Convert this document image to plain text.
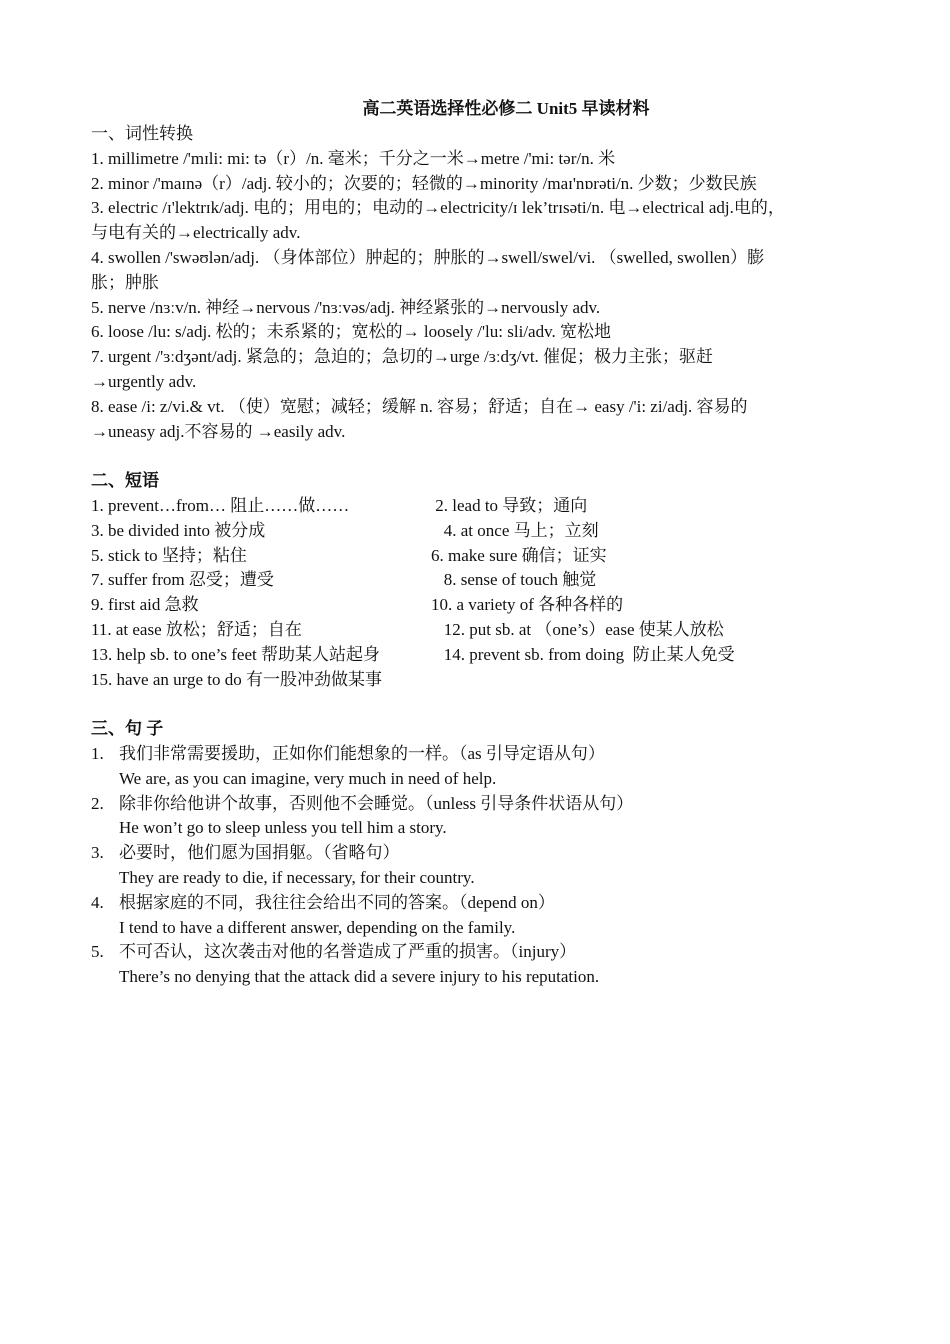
高二英语选择性必修二 Unit5 早读材料
一、词性转换
1. millimetre /'mɪli: mi: tə（r）/n. 毫米；千分之一米→metre /'mi: tər/n. 米
2. minor /'maɪnə（r）/adj. 较小的；次要的；轻微的→minority /maɪ'nɒrəti/n. 少数；少数民族
3. electric /ɪ'lektrɪk/adj. 电的；用电的；电动的→electricity/ɪ lek’trɪsəti/n. 电→electrical adj.电的，
与电有关的→electrically adv.
4. swollen /'swəʊlən/adj. （身体部位）肿起的；肿胀的→swell/swel/vi. （swelled, swollen）膨
胀；肿胀
5. nerve /nɜːv/n. 神经→nervous /'nɜːvəs/adj. 神经紧张的→nervously adv.
6. loose /lu: s/adj. 松的；未系紧的；宽松的→ loosely /'lu: sli/adv. 宽松地
7. urgent /'ɜːdʒənt/adj. 紧急的；急迫的；急切的→urge /ɜːdʒ/vt. 催促；极力主张；驱赶
→urgently adv.
8. ease /i: z/vi.& vt. （使）宽慰；减轻；缓解 n. 容易；舒适；自在→ easy /'i: zi/adj. 容易的
→uneasy adj.不容易的 →easily adv.
二、短语
1. prevent…from… 阻止……做……	2. lead to 导致；通向
3. be divided into 被分成	4. at once 马上；立刻
5. stick to 坚持；粘住	6. make sure 确信；证实
7. suffer from 忍受；遭受	8. sense of touch 触觉
9. first aid 急救	10. a variety of 各种各样的
11. at ease 放松；舒适；自在	12. put sb. at （one’s）ease 使某人放松
13. help sb. to one’s feet 帮助某人站起身	14. prevent sb. from doing  防止某人免受
15. have an urge to do 有一股冲劲做某事
三、句 子
1. 我们非常需要援助，正如你们能想象的一样。（as 引导定语从句）
We are, as you can imagine, very much in need of help.
2. 除非你给他讲个故事，否则他不会睡觉。（unless 引导条件状语从句）
He won’t go to sleep unless you tell him a story.
3. 必要时，他们愿为国捐躯。（省略句）
They are ready to die, if necessary, for their country.
4. 根据家庭的不同，我往往会给出不同的答案。（depend on）
I tend to have a different answer, depending on the family.
5. 不可否认，这次袭击对他的名誉造成了严重的损害。（injury）
There’s no denying that the attack did a severe injury to his reputation.
